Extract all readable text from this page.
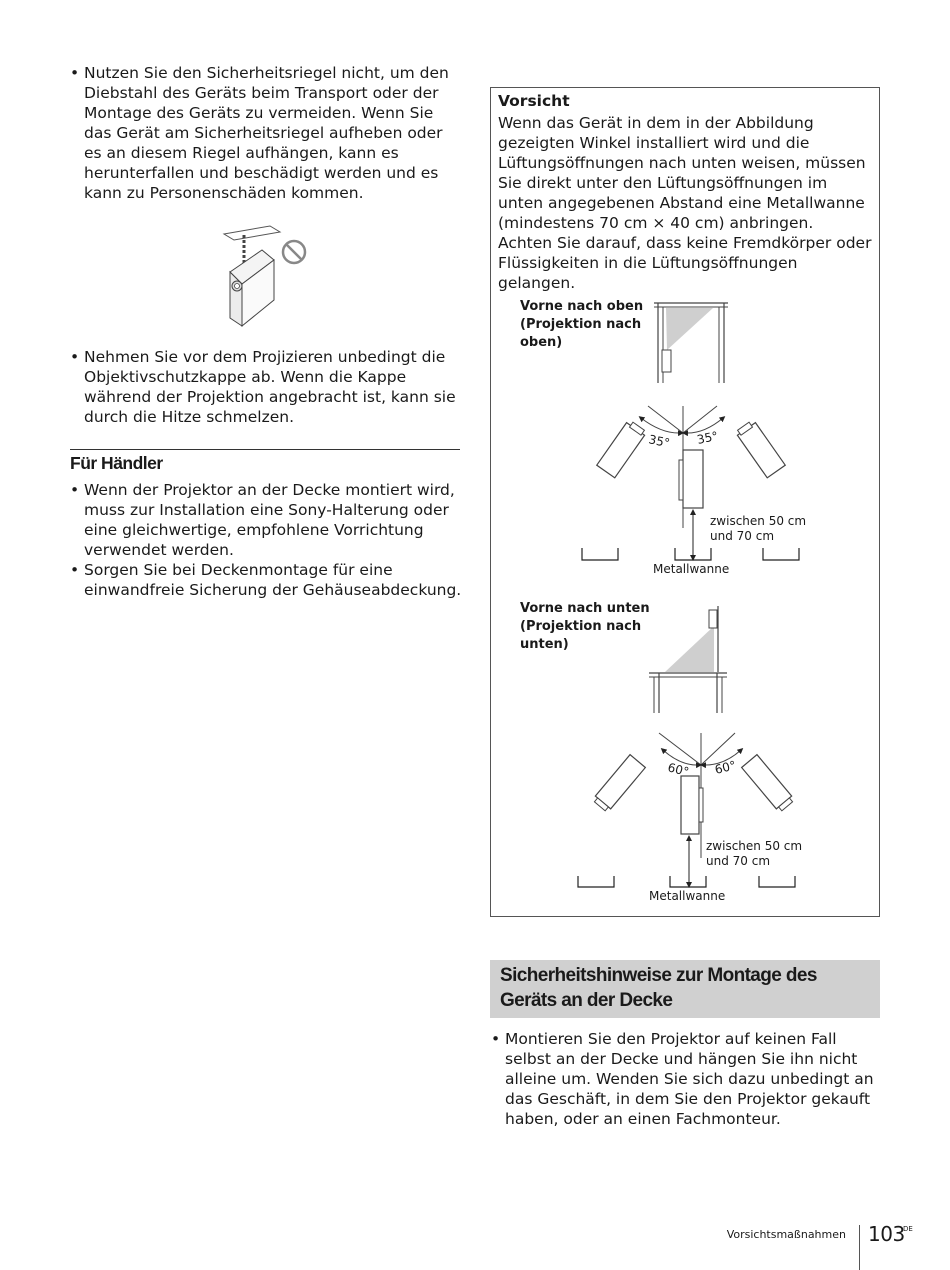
• Nutzen Sie den Sicherheitsriegel nicht, um den Diebstahl des Geräts beim Transport oder der Montage des Geräts zu vermeiden. Wenn Sie das Gerät am Sicherheitsriegel aufheben oder es an diesem Riegel aufhängen, kann es herunterfallen und beschädigt werden und es kann zu Personenschäden kommen.
• Nehmen Sie vor dem Projizieren unbedingt die Objektivschutzkappe ab. Wenn die Kappe während der Projektion angebracht ist, kann sie durch die Hitze schmelzen.
Für Händler
• Wenn der Projektor an der Decke montiert wird, muss zur Installation eine Sony-Halterung oder eine gleichwertige, empfohlene Vorrichtung verwendet werden.
• Sorgen Sie bei Deckenmontage für eine einwandfreie Sicherung der Gehäuseabdeckung.
Vorsicht

Wenn das Gerät in dem in der Abbildung gezeigten Winkel installiert wird und die Lüftungsöffnungen nach unten weisen, müssen Sie direkt unter den Lüftungsöffnungen im unten angegebenen Abstand eine Metallwanne (mindestens 70 cm × 40 cm) anbringen.

Achten Sie darauf, dass keine Fremdkörper oder Flüssigkeiten in die Lüftungsöffnungen gelangen.

35° 35°
zwischen 50 cm
und 70 cm
Metallwanne
60° 60°
zwischen 50 cm
und 70 cm
Metallwanne
Vorne nach oben (Projektion nach oben)
Vorne nach unten (Projektion nach unten)
Sicherheitshinweise zur Montage des Geräts an der Decke
• Montieren Sie den Projektor auf keinen Fall selbst an der Decke und hängen Sie ihn nicht alleine um. Wenden Sie sich dazu unbedingt an das Geschäft, in dem Sie den Projektor gekauft haben, oder an einen Fachmonteur.
Vorsichtsmaßnahmen 103
DE
